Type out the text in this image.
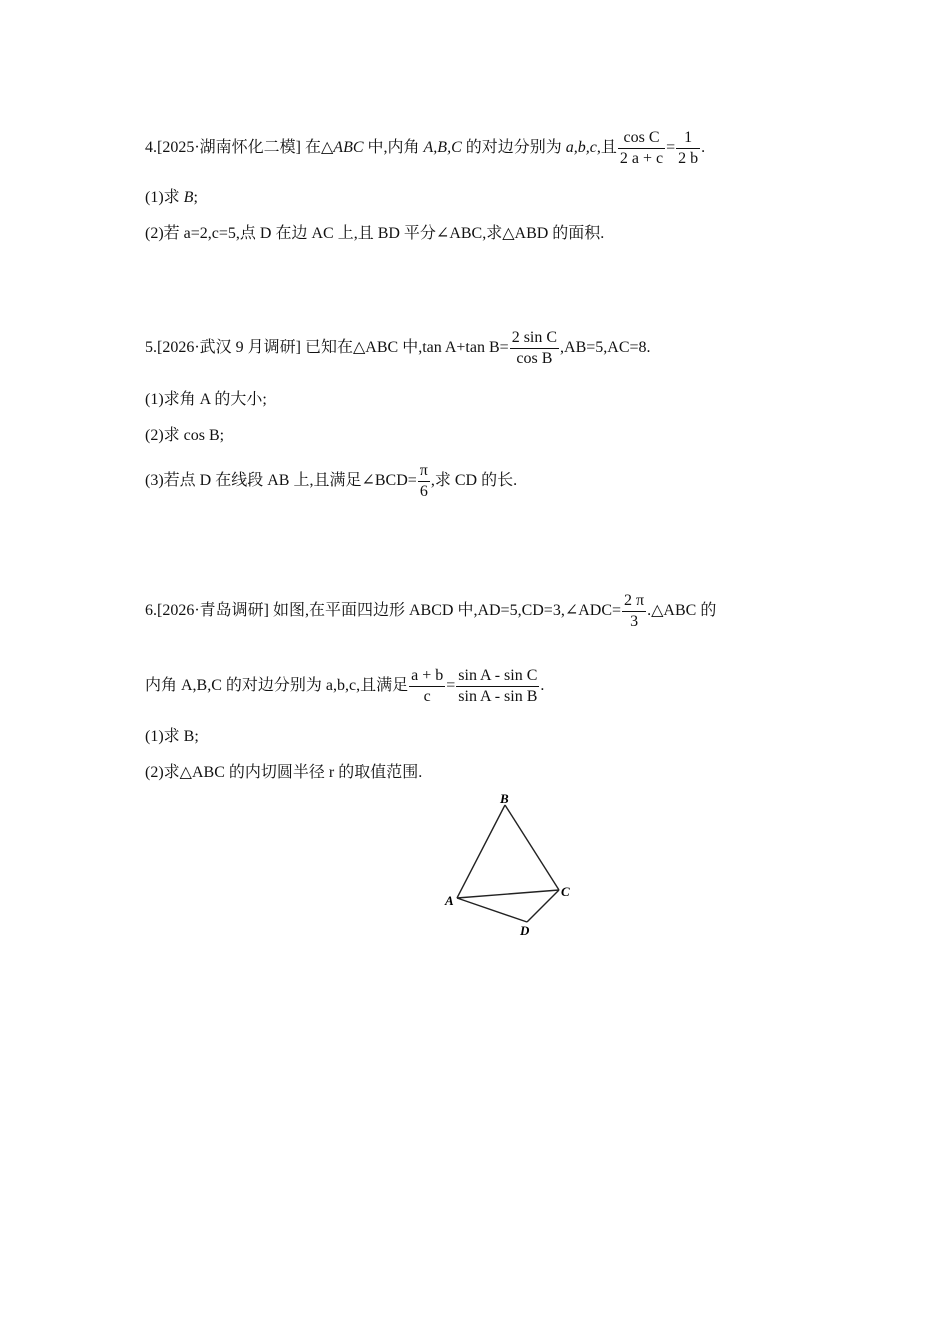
4.[2025·湖南怀化二模] 在△ABC 中,内角 A,B,C 的对边分别为 a,b,c,且 $\frac{\text{cos C}}{2 a + c} = \frac{1}{2 b}$ .
(1)求 B;
(2)若 a=2,c=5,点 D 在边 AC 上,且 BD 平分∠ABC,求△ABD 的面积.
5.[2026·武汉 9 月调研] 已知在△ABC 中,tan A+tan $B= \frac{\text{2 sin C}}{\text{cos B}} ,AB=5,AC=8$.
(1)求角 A 的大小;
(2)求 cos B;
(3)若点 D 在线段 AB 上,且满足∠BCD= $\frac{\pi}{6}$ ,求 CD 的长.
6.[2026·青岛调研] 如图,在平面四边形 ABCD 中,AD=5,CD=3,∠ADC= $\frac{2 \pi}{3}$ .△ABC 的
内角 A,B,C 的对边分别为 a,b,c,且满足 $\frac{a + b}{c} = \frac{\text{sin A - sin C}}{\text{sin A - sin B}}$ .
(1)求 B;
(2)求△ABC 的内切圆半径 r 的取值范围.
B
A
C
D
